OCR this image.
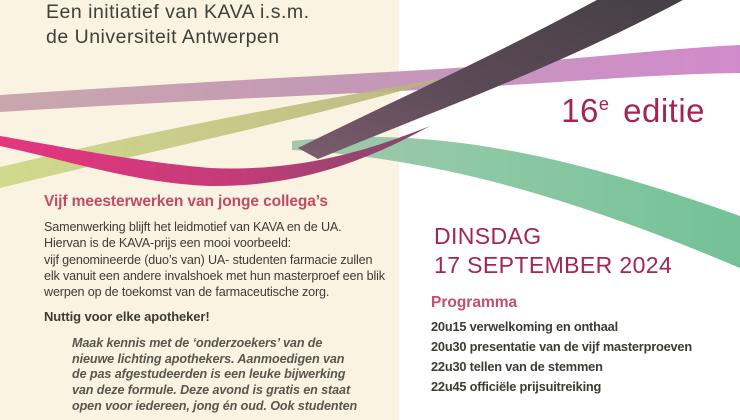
Een initiatief van KAVA i.s.m.
de Universiteit Antwerpen
16e editie
Vijf meesterwerken van jonge collega’s
Samenwerking blijft het leidmotief van KAVA en de UA.
Hiervan is de KAVA-prijs een mooi voorbeeld:
vijf genomineerde (duo’s van) UA- studenten farmacie zullen
elk vanuit een andere invalshoek met hun masterproef een blik
werpen op de toekomst van de farmaceutische zorg.
Nuttig voor elke apotheker!
Maak kennis met de ‘onderzoekers’ van de
nieuwe lichting apothekers. Aanmoedigen van
de pas afgestudeerden is een leuke bijwerking
van deze formule. Deze avond is gratis en staat
open voor iedereen, jong én oud. Ook studenten
DINSDAG
17 SEPTEMBER 2024
Programma
20u15 verwelkoming en onthaal
20u30 presentatie van de vijf masterproeven
22u30 tellen van de stemmen
22u45 officiële prijsuitreiking
